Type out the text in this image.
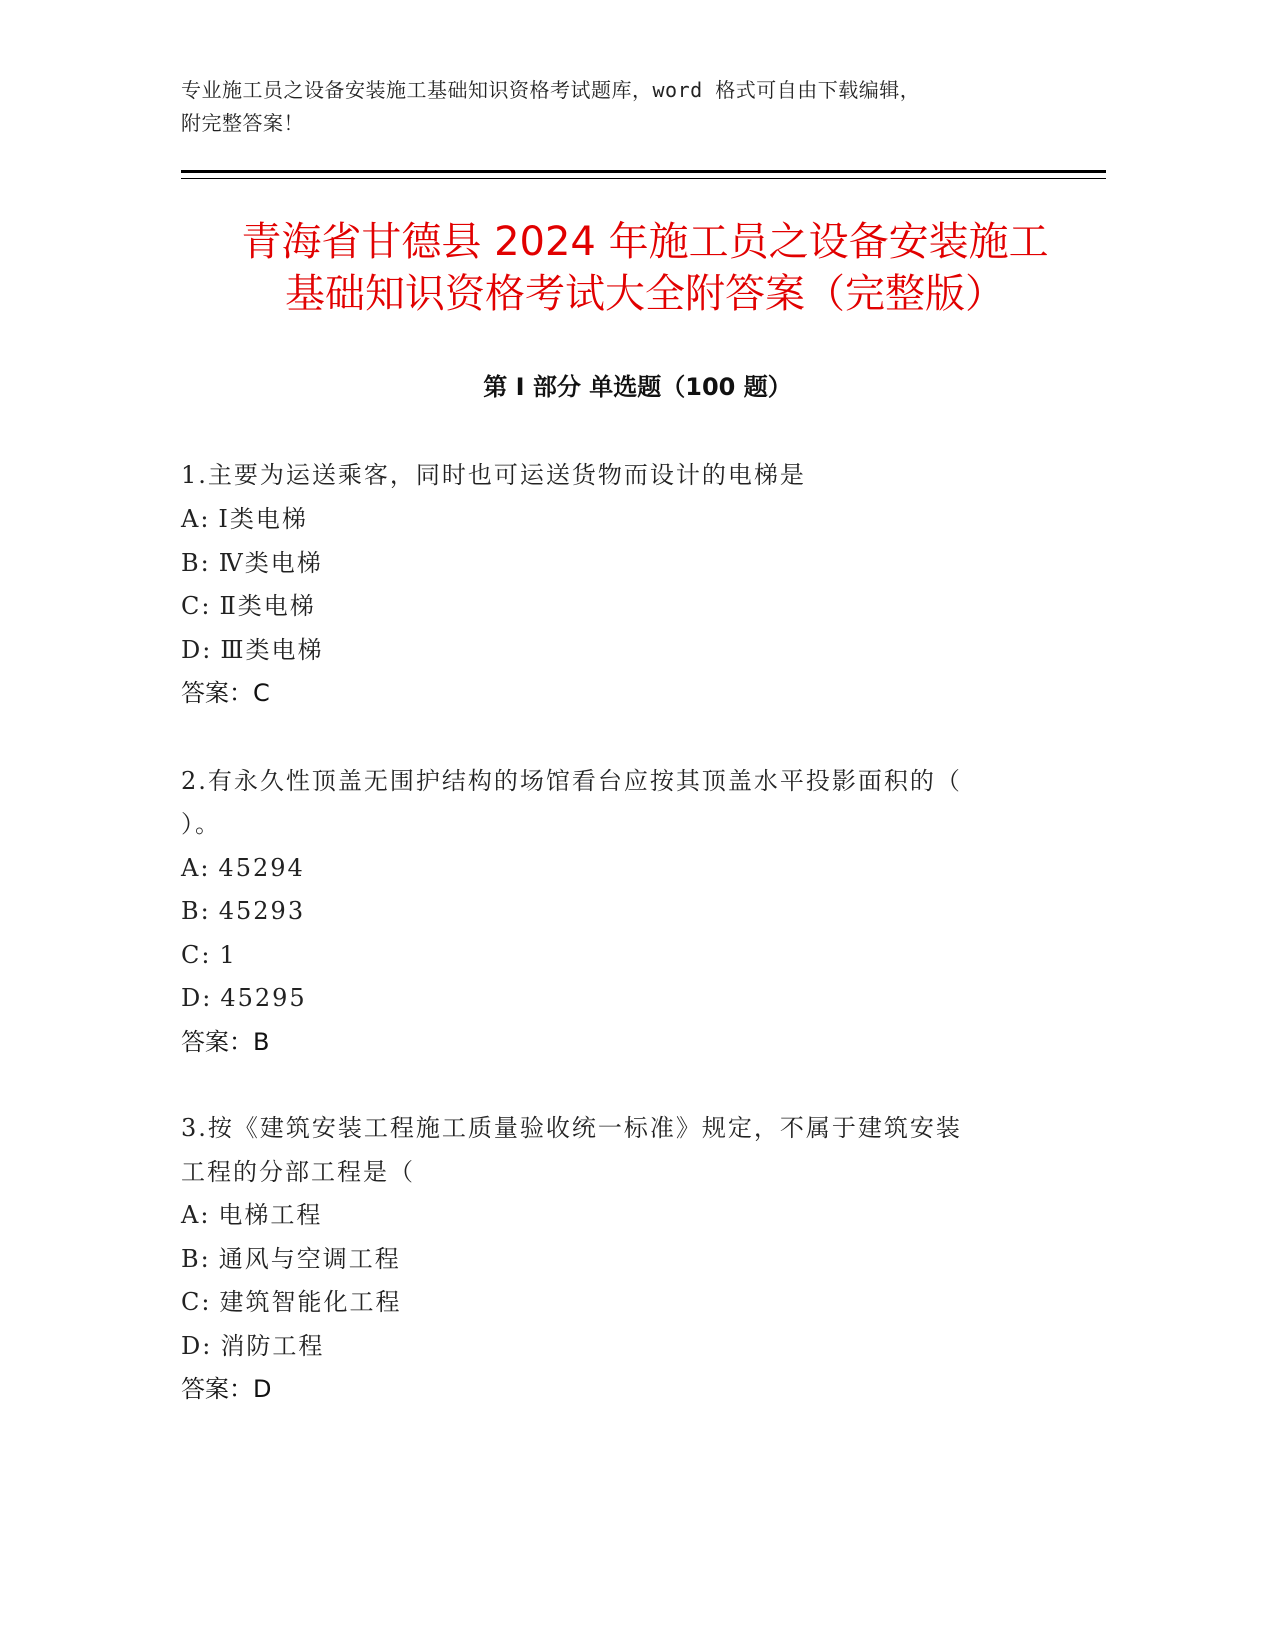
专业施工员之设备安装施工基础知识资格考试题库，word 格式可自由下载编辑，
附完整答案！
青海省甘德县 2024 年施工员之设备安装施工
基础知识资格考试大全附答案（完整版）
第 I 部分 单选题（100 题）

1.主要为运送乘客，同时也可运送货物而设计的电梯是

A: Ⅰ类电梯

B: Ⅳ类电梯

C: Ⅱ类电梯

D: Ⅲ类电梯

答案：C

2.有永久性顶盖无围护结构的场馆看台应按其顶盖水平投影面积的（

）。

A: 45294

B: 45293

C: 1

D: 45295

答案：B

3.按《建筑安装工程施工质量验收统一标准》规定，不属于建筑安装

工程的分部工程是（

A: 电梯工程

B: 通风与空调工程

C: 建筑智能化工程

D: 消防工程

答案：D
